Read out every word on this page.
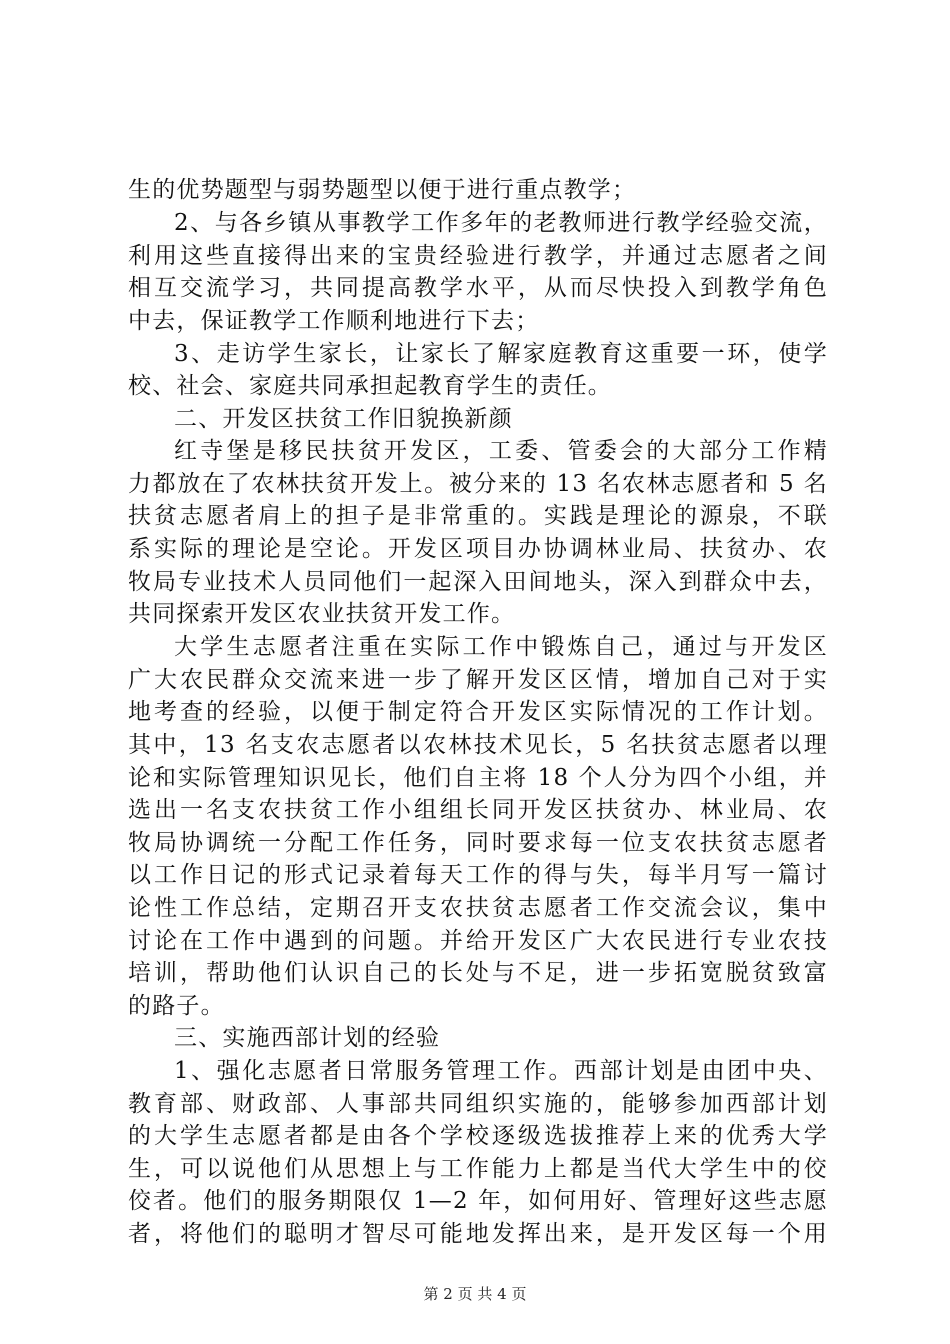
生的优势题型与弱势题型以便于进行重点教学；
2、与各乡镇从事教学工作多年的老教师进行教学经验交流，
利用这些直接得出来的宝贵经验进行教学，并通过志愿者之间
相互交流学习，共同提高教学水平，从而尽快投入到教学角色
中去，保证教学工作顺利地进行下去；
3、走访学生家长，让家长了解家庭教育这重要一环，使学
校、社会、家庭共同承担起教育学生的责任。
二、开发区扶贫工作旧貌换新颜
红寺堡是移民扶贫开发区，工委、管委会的大部分工作精
力都放在了农林扶贫开发上。被分来的 13 名农林志愿者和 5 名
扶贫志愿者肩上的担子是非常重的。实践是理论的源泉，不联
系实际的理论是空论。开发区项目办协调林业局、扶贫办、农
牧局专业技术人员同他们一起深入田间地头，深入到群众中去，
共同探索开发区农业扶贫开发工作。
大学生志愿者注重在实际工作中锻炼自己，通过与开发区
广大农民群众交流来进一步了解开发区区情，增加自己对于实
地考查的经验，以便于制定符合开发区实际情况的工作计划。
其中，13 名支农志愿者以农林技术见长，5 名扶贫志愿者以理
论和实际管理知识见长，他们自主将 18 个人分为四个小组，并
选出一名支农扶贫工作小组组长同开发区扶贫办、林业局、农
牧局协调统一分配工作任务，同时要求每一位支农扶贫志愿者
以工作日记的形式记录着每天工作的得与失，每半月写一篇讨
论性工作总结，定期召开支农扶贫志愿者工作交流会议，集中
讨论在工作中遇到的问题。并给开发区广大农民进行专业农技
培训，帮助他们认识自己的长处与不足，进一步拓宽脱贫致富
的路子。
三、实施西部计划的经验
1、强化志愿者日常服务管理工作。西部计划是由团中央、
教育部、财政部、人事部共同组织实施的，能够参加西部计划
的大学生志愿者都是由各个学校逐级选拔推荐上来的优秀大学
生，可以说他们从思想上与工作能力上都是当代大学生中的佼
佼者。他们的服务期限仅 1—2 年，如何用好、管理好这些志愿
者，将他们的聪明才智尽可能地发挥出来，是开发区每一个用
第 2 页 共 4 页
